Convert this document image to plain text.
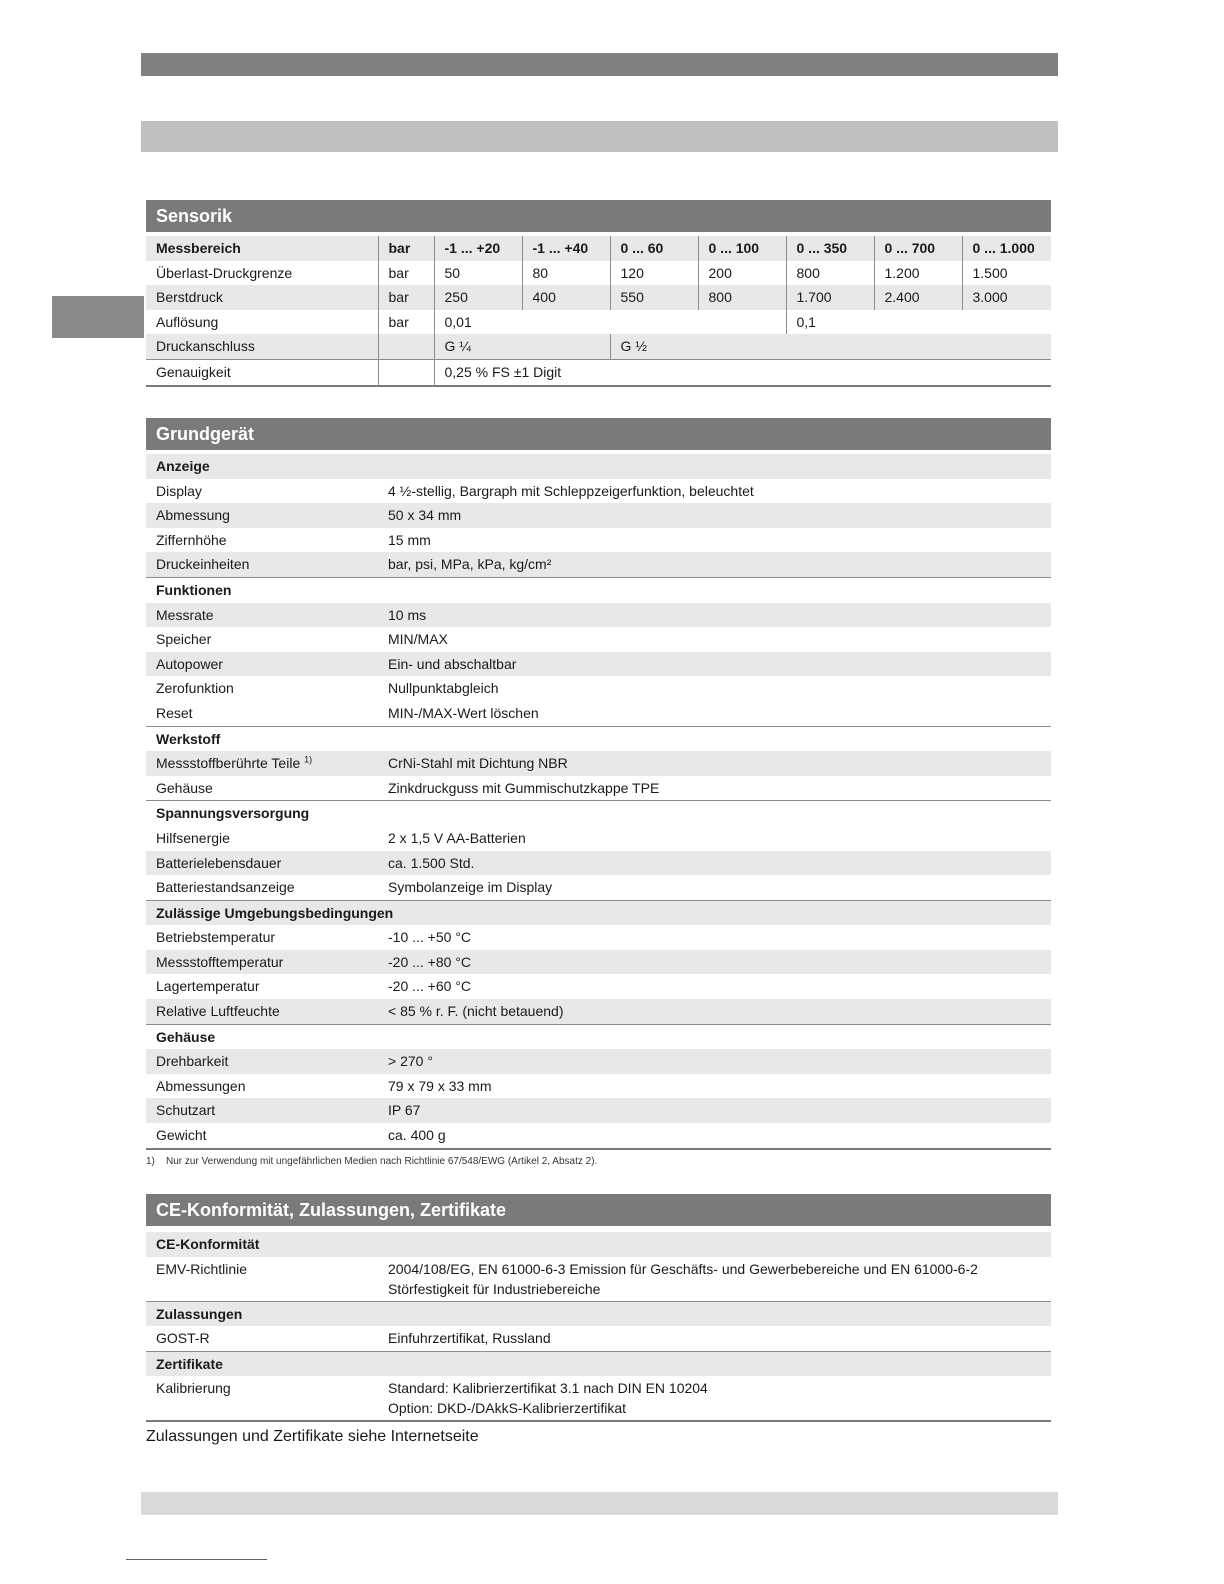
Sensorik
Messbereich	bar	-1 ... +20	-1 ... +40	0 ... 60	0 ... 100	0 ... 350	0 ... 700	0 ... 1.000
Überlast-Druckgrenze	bar	50	80	120	200	800	1.200	1.500
Berstdruck	bar	250	400	550	800	1.700	2.400	3.000
Auflösung	bar	0,01				0,1		
Druckanschluss		G ¼		G ½				
Genauigkeit		0,25 % FS ±1 Digit						
Grundgerät
Anzeige	
Display	4 ½-stellig, Bargraph mit Schleppzeigerfunktion, beleuchtet
Abmessung	50 x 34 mm
Ziffernhöhe	15 mm
Druckeinheiten	bar, psi, MPa, kPa, kg/cm²
Funktionen	
Messrate	10 ms
Speicher	MIN/MAX
Autopower	Ein- und abschaltbar
Zerofunktion	Nullpunktabgleich
Reset	MIN-/MAX-Wert löschen
Werkstoff	
Messstoffberührte Teile $^{1)}$	CrNi-Stahl mit Dichtung NBR
Gehäuse	Zinkdruckguss mit Gummischutzkappe TPE
Spannungsversorgung	
Hilfsenergie	2 x 1,5 V AA-Batterien
Batterielebensdauer	ca. 1.500 Std.
Batteriestandsanzeige	Symbolanzeige im Display
Zulässige Umgebungsbedingungen	
Betriebstemperatur	-10 ... +50 °C
Messstofftemperatur	-20 ... +80 °C
Lagertemperatur	-20 ... +60 °C
Relative Luftfeuchte	< 85 % r. F. (nicht betauend)
Gehäuse	
Drehbarkeit	> 270 °
Abmessungen	79 x 79 x 33 mm
Schutzart	IP 67
Gewicht	ca. 400 g
1) Nur zur Verwendung mit ungefährlichen Medien nach Richtlinie 67/548/EWG (Artikel 2, Absatz 2).
CE-Konformität, Zulassungen, Zertifikate
CE-Konformität	
EMV-Richtlinie	2004/108/EG, EN 61000-6-3 Emission für Geschäfts- und Gewerbebereiche und EN 61000-6-2 Störfestigkeit für Industriebereiche
Zulassungen	
GOST-R	Einfuhrzertifikat, Russland
Zertifikate	
Kalibrierung	Standard: Kalibrierzertifikat 3.1 nach DIN EN 10204
Option: DKD-/DAkkS-Kalibrierzertifikat
Zulassungen und Zertifikate siehe Internetseite
